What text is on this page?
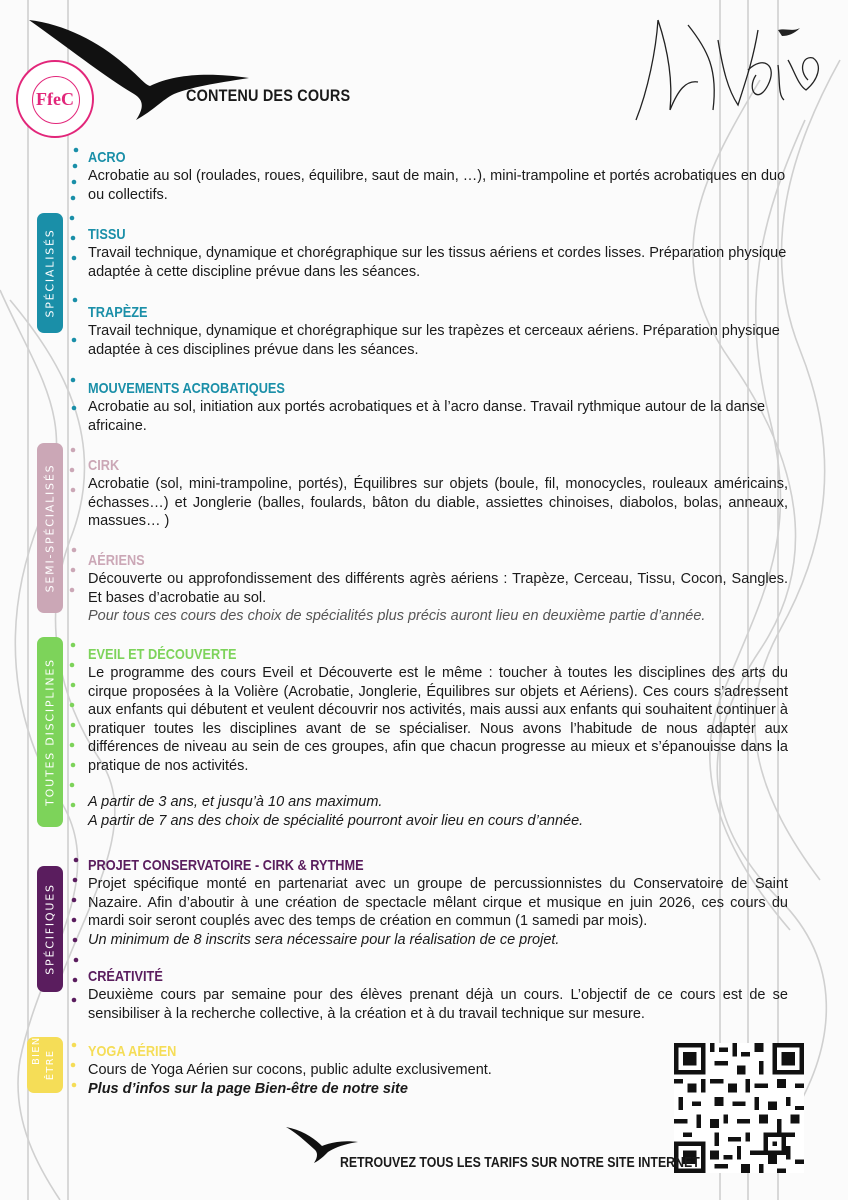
FfeC	CONTENU DES COURS
SPÉCIALISÉS
SEMI-SPÉCIALISÉS
TOUTES DISCIPLINES
SPÉCIFIQUES
BIEN ÊTRE
ACRO
Acrobatie au sol (roulades, roues, équilibre, saut de main, …), mini-trampoline et portés acrobatiques en duo ou collectifs.
TISSU
Travail technique, dynamique et chorégraphique sur les tissus aériens et cordes lisses. Préparation physique adaptée à cette discipline prévue dans les séances.
TRAPÈZE
Travail technique, dynamique et chorégraphique sur les trapèzes et cerceaux aériens. Préparation physique adaptée à ces disciplines prévue dans les séances.
MOUVEMENTS ACROBATIQUES
Acrobatie au sol, initiation aux portés acrobatiques et à l’acro danse. Travail rythmique autour de la danse africaine.
CIRK
Acrobatie (sol, mini-trampoline, portés), Équilibres sur objets (boule, fil, monocycles, rouleaux américains, échasses…) et Jonglerie (balles, foulards, bâton du diable, assiettes chinoises, diabolos, bolas, anneaux, massues… )
AÉRIENS
Découverte ou approfondissement des différents agrès aériens : Trapèze, Cerceau, Tissu, Cocon, Sangles. Et bases d’acrobatie au sol.
Pour tous ces cours des choix de spécialités plus précis auront lieu en deuxième partie d’année.
EVEIL ET DÉCOUVERTE
Le programme des cours Eveil et Découverte est le même : toucher à toutes les disciplines des arts du cirque proposées à la Volière (Acrobatie, Jonglerie, Équilibres sur objets et Aériens). Ces cours s’adressent aux enfants qui débutent et veulent découvrir nos activités, mais aussi aux enfants qui souhaitent continuer à pratiquer toutes les disciplines avant de se spécialiser. Nous avons l’habitude de nous adapter aux différences de niveau au sein de ces groupes, afin que chacun progresse au mieux et s’épanouisse dans la pratique de nos activités.
A partir de 3 ans, et jusqu’à 10 ans maximum.
A partir de 7 ans des choix de spécialité pourront avoir lieu en cours d’année.
PROJET CONSERVATOIRE - CIRK & RYTHME
Projet spécifique monté en partenariat avec un groupe de percussionnistes du Conservatoire de Saint Nazaire. Afin d’aboutir à une création de spectacle mêlant cirque et musique en juin 2026, ces cours du mardi soir seront couplés avec des temps de création en commun (1 samedi par mois).
Un minimum de 8 inscrits sera nécessaire pour la réalisation de ce projet.
CRÉATIVITÉ
Deuxième cours par semaine pour des élèves prenant déjà un cours. L’objectif de ce cours est de se sensibiliser à la recherche collective, à la création et à du travail technique sur mesure.
YOGA AÉRIEN
Cours de Yoga Aérien sur cocons, public adulte exclusivement.
Plus d’infos sur la page Bien-être de notre site
RETROUVEZ TOUS LES TARIFS SUR NOTRE SITE INTERNET
